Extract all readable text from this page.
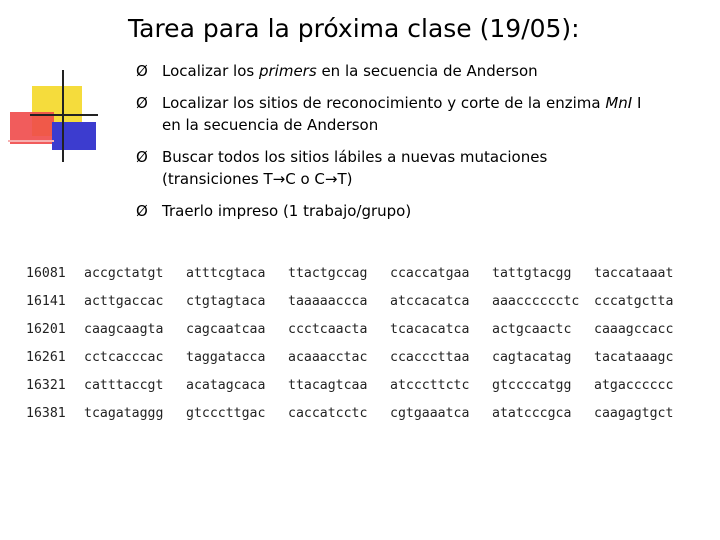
Tarea para la próxima clase (19/05):
Ø Localizar los primers en la secuencia de Anderson
Ø Localizar los sitios de reconocimiento y corte de la enzima MnI I
en la secuencia de Anderson
Ø Buscar todos los sitios lábiles a nuevas mutaciones
(transiciones T→C o C→T)
Ø Traerlo impreso (1 trabajo/grupo)
16081 accgctatgt atttcgtaca ttactgccag ccaccatgaa tattgtacgg taccataaat
16141 acttgaccac ctgtagtaca taaaaaccca atccacatca aaacccccctc cccatgctta
16201 caagcaagta cagcaatcaa ccctcaacta tcacacatca actgcaactc caaagccacc
16261 cctcacccac taggatacca acaaacctac ccacccttaa cagtacatag tacataaagc
16321 catttaccgt acatagcaca ttacagtcaa atcccttctc gtccccatgg atgacccccc
16381 tcagataggg gtcccttgac caccatcctc cgtgaaatca atatcccgca caagagtgct
